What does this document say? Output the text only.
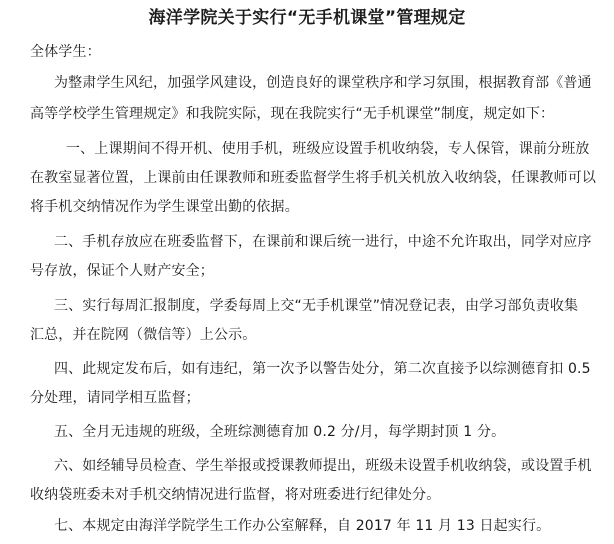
海洋学院关于实行“无手机课堂”管理规定
全体学生：
为整肃学生风纪，加强学风建设，创造良好的课堂秩序和学习氛围，根据教育部《普通
高等学校学生管理规定》和我院实际，现在我院实行“无手机课堂”制度，规定如下：
一、上课期间不得开机、使用手机，班级应设置手机收纳袋，专人保管，课前分班放
在教室显著位置，上课前由任课教师和班委监督学生将手机关机放入收纳袋，任课教师可以
将手机交纳情况作为学生课堂出勤的依据。
二、手机存放应在班委监督下，在课前和课后统一进行，中途不允许取出，同学对应序
号存放，保证个人财产安全；
三、实行每周汇报制度，学委每周上交“无手机课堂”情况登记表，由学习部负责收集
汇总，并在院网（微信等）上公示。
四、此规定发布后，如有违纪，第一次予以警告处分，第二次直接予以综测德育扣 0.5
分处理，请同学相互监督；
五、全月无违规的班级，全班综测德育加 0.2 分/月，每学期封顶 1 分。
六、如经辅导员检查、学生举报或授课教师提出，班级未设置手机收纳袋，或设置手机
收纳袋班委未对手机交纳情况进行监督，将对班委进行纪律处分。
七、本规定由海洋学院学生工作办公室解释，自 2017 年 11 月 13 日起实行。
